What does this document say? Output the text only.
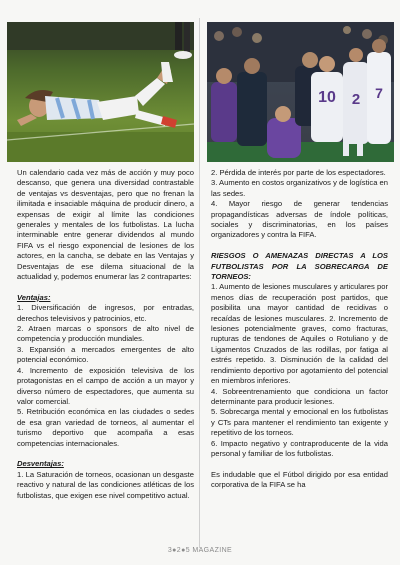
10 2 7

Un calendario cada vez más de acción y muy poco descanso, que genera una diversidad contrastable de ventajas vs desventajas, pero que no frenan la ilimitada e insaciable máquina de producir dinero, a expensas de exigir al límite las condiciones generales y mentales de los futbolistas. La lucha interminable entre generar dividendos al mundo FIFA vs el riesgo exponencial de lesiones de los actores, en la cancha, se debate en las Ventajas y Desventajas de ese dilema situacional de la actualidad y, podemos enumerar las 2 contrapartes:

Ventajas:

1. Diversificación de ingresos, por entradas, derechos televisivos y patrocinios, etc.

2. Atraen marcas o sponsors de alto nivel de competencia y producción mundiales.

3. Expansión a mercados emergentes de alto potencial económico.

4. Incremento de exposición televisiva de los protagonistas en el campo de acción a un mayor y diverso número de espectadores, que aumenta su valor comercial.

5. Retribución económica en las ciudades o sedes de esa gran variedad de torneos, al aumentar el turismo deportivo que acompaña a esas competencias internacionales.

Desventajas:

1. La Saturación de torneos, ocasionan un desgaste reactivo y natural de las condiciones atléticas de los futbolistas, que exigen ese nivel competitivo actual.

2. Pérdida de interés por parte de los espectadores.

3. Aumento en costos organizativos y de logística en las sedes.

4. Mayor riesgo de generar tendencias propagandísticas adversas de índole políticas, sociales y discriminatorias, en los países organizadores y contra la FIFA.

RIESGOS O AMENAZAS DIRECTAS A LOS FUTBOLISTAS POR LA SOBRECARGA DE TORNEOS:

1. Aumento de lesiones musculares y articulares por menos días de recuperación post partidos, que posibilita una mayor cantidad de recidivas o recaídas de lesiones musculares. 2. Incremento de lesiones potencialmente graves, como fracturas, rupturas de tendones de Aquiles o Rotuliano y de Ligamentos Cruzados de las rodillas, por fatiga al estrés repetido. 3. Disminución de la calidad del rendimiento deportivo por agotamiento del potencial en miembros inferiores.

4. Sobreentrenamiento que condiciona un factor determinante para producir lesiones.

5. Sobrecarga mental y emocional en los futbolistas y CTs para mantener el rendimiento tan exigente y repetitivo de los torneos.

6. Impacto negativo y contraproducente de la vida personal y familiar de los futbolistas.

Es indudable que el Fútbol dirigido por esa entidad corporativa de la FIFA se ha

3●2●5 MAGAZINE
